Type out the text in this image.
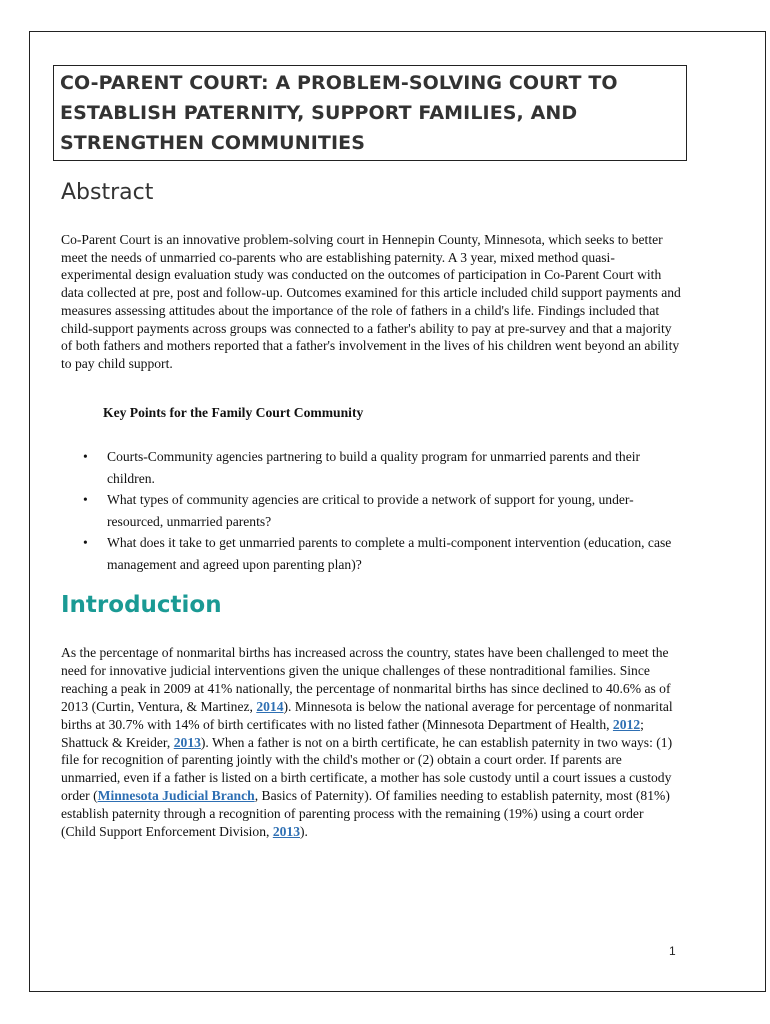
CO-PARENT COURT: A PROBLEM-SOLVING COURT TO ESTABLISH PATERNITY, SUPPORT FAMILIES, AND STRENGTHEN COMMUNITIES
Abstract
Co-Parent Court is an innovative problem-solving court in Hennepin County, Minnesota, which seeks to better meet the needs of unmarried co-parents who are establishing paternity. A 3 year, mixed method quasi-experimental design evaluation study was conducted on the outcomes of participation in Co-Parent Court with data collected at pre, post and follow-up. Outcomes examined for this article included child support payments and measures assessing attitudes about the importance of the role of fathers in a child's life. Findings included that child-support payments across groups was connected to a father's ability to pay at pre-survey and that a majority of both fathers and mothers reported that a father's involvement in the lives of his children went beyond an ability to pay child support.
Key Points for the Family Court Community
• Courts-Community agencies partnering to build a quality program for unmarried parents and their children.
• What types of community agencies are critical to provide a network of support for young, under-resourced, unmarried parents?
• What does it take to get unmarried parents to complete a multi-component intervention (education, case management and agreed upon parenting plan)?
Introduction
As the percentage of nonmarital births has increased across the country, states have been challenged to meet the need for innovative judicial interventions given the unique challenges of these nontraditional families. Since reaching a peak in 2009 at 41% nationally, the percentage of nonmarital births has since declined to 40.6% as of 2013 (Curtin, Ventura, & Martinez, 2014). Minnesota is below the national average for percentage of nonmarital births at 30.7% with 14% of birth certificates with no listed father (Minnesota Department of Health, 2012; Shattuck & Kreider, 2013). When a father is not on a birth certificate, he can establish paternity in two ways: (1) file for recognition of parenting jointly with the child's mother or (2) obtain a court order. If parents are unmarried, even if a father is listed on a birth certificate, a mother has sole custody until a court issues a custody order (Minnesota Judicial Branch, Basics of Paternity). Of families needing to establish paternity, most (81%) establish paternity through a recognition of parenting process with the remaining (19%) using a court order (Child Support Enforcement Division, 2013).
1
